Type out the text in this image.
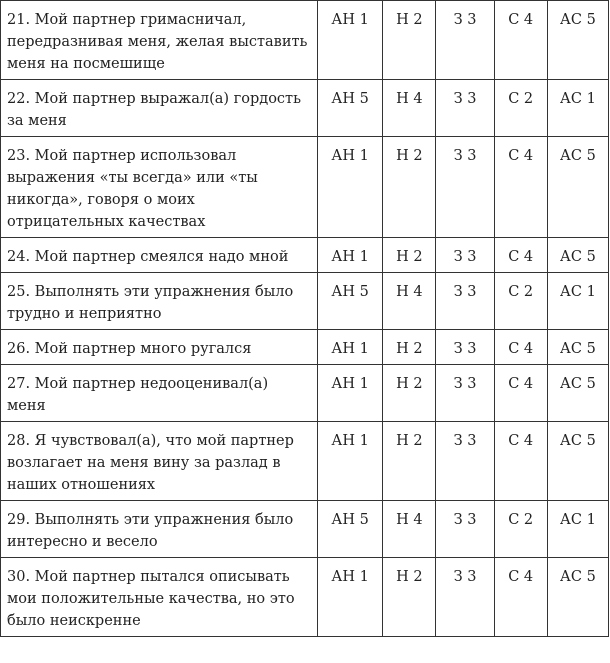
21. Мой партнер гримасничал, передразнивая меня, желая выставить меня на посмешище	АН 1	Н 2	З 3	С 4	АС 5
22. Мой партнер выражал(а) гордость за меня	АН 5	Н 4	З 3	С 2	АС 1
23. Мой партнер использовал выражения «ты всегда» или «ты никогда», говоря о моих отрицательных качествах	АН 1	Н 2	З 3	С 4	АС 5
24. Мой партнер смеялся надо мной	АН 1	Н 2	З 3	С 4	АС 5
25. Выполнять эти упражнения было трудно и неприятно	АН 5	Н 4	З 3	С 2	АС 1
26. Мой партнер много ругался	АН 1	Н 2	З 3	С 4	АС 5
27. Мой партнер недооценивал(а) меня	АН 1	Н 2	З 3	С 4	АС 5
28. Я чувствовал(а), что мой партнер возлагает на меня вину за разлад в наших отношениях	АН 1	Н 2	З 3	С 4	АС 5
29. Выполнять эти упражнения было интересно и весело	АН 5	Н 4	З 3	С 2	АС 1
30. Мой партнер пытался описывать мои положительные качества, но это было неискренне	АН 1	Н 2	З 3	С 4	АС 5
